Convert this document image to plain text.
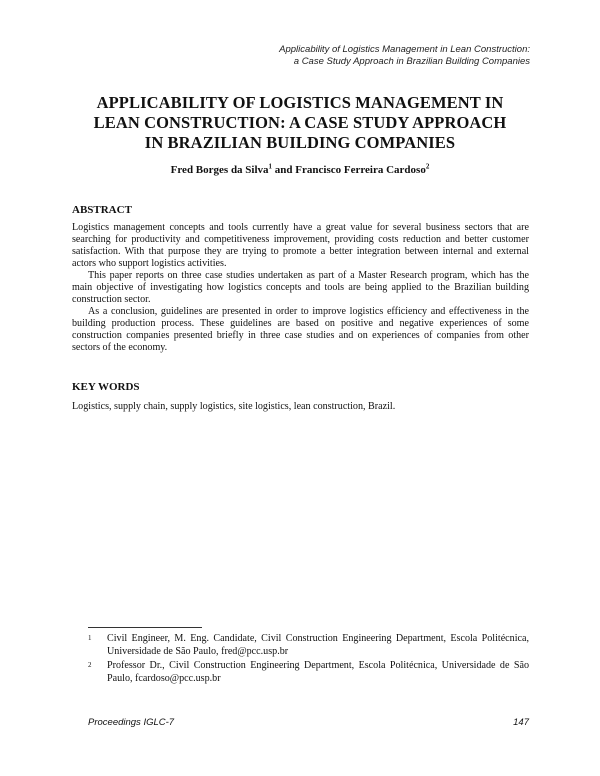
Applicability of Logistics Management in Lean Construction:
a Case Study Approach in Brazilian Building Companies
APPLICABILITY OF LOGISTICS MANAGEMENT IN
LEAN CONSTRUCTION: A CASE STUDY APPROACH
IN BRAZILIAN BUILDING COMPANIES
Fred Borges da Silva$^1$ and Francisco Ferreira Cardoso$^2$
ABSTRACT

Logistics management concepts and tools currently have a great value for several business sectors that are searching for productivity and competitiveness improvement, providing costs reduction and better customer satisfaction. With that purpose they are trying to promote a better integration between internal and external actors who support logistics activities.

This paper reports on three case studies undertaken as part of a Master Research program, which has the main objective of investigating how logistics concepts and tools are being applied to the Brazilian building construction sector.

As a conclusion, guidelines are presented in order to improve logistics efficiency and effectiveness in the building production process. These guidelines are based on positive and negative experiences of some construction companies presented briefly in three case studies and on experiences of companies from other sectors of the economy.

KEY WORDS
Logistics, supply chain, supply logistics, site logistics, lean construction, Brazil.
1 Civil Engineer, M. Eng. Candidate, Civil Construction Engineering Department, Escola Politécnica, Universidade de São Paulo, fred@pcc.usp.br
2 Professor Dr., Civil Construction Engineering Department, Escola Politécnica, Universidade de São Paulo, fcardoso@pcc.usp.br
Proceedings IGLC-7	147
